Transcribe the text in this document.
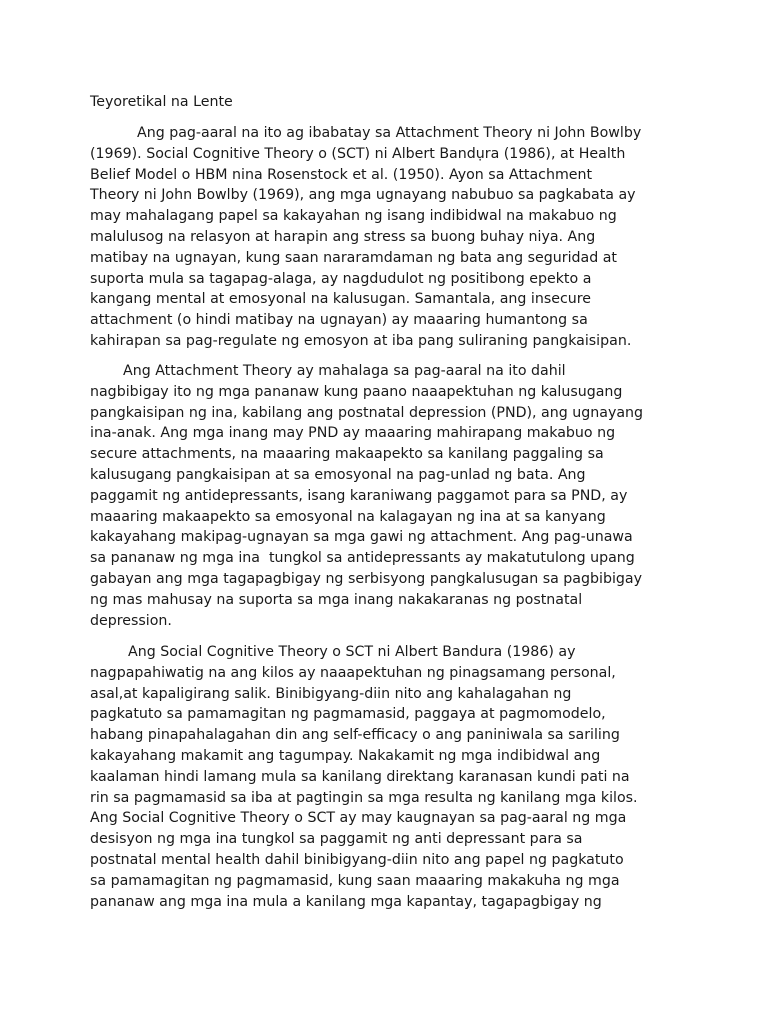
Teyoretikal na Lente

Ang pag-aaral na ito ag ibabatay sa Attachment Theory ni John Bowlby
(1969). Social Cognitive Theory o (SCT) ni Albert Bandụra (1986), at Health
Belief Model o HBM nina Rosenstock et al. (1950). Ayon sa Attachment
Theory ni John Bowlby (1969), ang mga ugnayang nabubuo sa pagkabata ay
may mahalagang papel sa kakayahan ng isang indibidwal na makabuo ng
malulusog na relasyon at harapin ang stress sa buong buhay niya. Ang
matibay na ugnayan, kung saan nararamdaman ng bata ang seguridad at
suporta mula sa tagapag-alaga, ay nagdudulot ng positibong epekto a
kangang mental at emosyonal na kalusugan. Samantala, ang insecure
attachment (o hindi matibay na ugnayan) ay maaaring humantong sa
kahirapan sa pag-regulate ng emosyon at iba pang suliraning pangkaisipan.

Ang Attachment Theory ay mahalaga sa pag-aaral na ito dahil
nagbibigay ito ng mga pananaw kung paano naaapektuhan ng kalusugang
pangkaisipan ng ina, kabilang ang postnatal depression (PND), ang ugnayang
ina-anak. Ang mga inang may PND ay maaaring mahirapang makabuo ng
secure attachments, na maaaring makaapekto sa kanilang paggaling sa
kalusugang pangkaisipan at sa emosyonal na pag-unlad ng bata. Ang
paggamit ng antidepressants, isang karaniwang paggamot para sa PND, ay
maaaring makaapekto sa emosyonal na kalagayan ng ina at sa kanyang
kakayahang makipag-ugnayan sa mga gawi ng attachment. Ang pag-unawa
sa pananaw ng mga ina  tungkol sa antidepressants ay makatutulong upang
gabayan ang mga tagapagbigay ng serbisyong pangkalusugan sa pagbibigay
ng mas mahusay na suporta sa mga inang nakakaranas ng postnatal
depression.

Ang Social Cognitive Theory o SCT ni Albert Bandura (1986) ay
nagpapahiwatig na ang kilos ay naaapektuhan ng pinagsamang personal,
asal,at kapaligirang salik. Binibigyang-diin nito ang kahalagahan ng
pagkatuto sa pamamagitan ng pagmamasid, paggaya at pagmomodelo,
habang pinapahalagahan din ang self-efficacy o ang paniniwala sa sariling
kakayahang makamit ang tagumpay. Nakakamit ng mga indibidwal ang
kaalaman hindi lamang mula sa kanilang direktang karanasan kundi pati na
rin sa pagmamasid sa iba at pagtingin sa mga resulta ng kanilang mga kilos.
Ang Social Cognitive Theory o SCT ay may kaugnayan sa pag-aaral ng mga
desisyon ng mga ina tungkol sa paggamit ng anti depressant para sa
postnatal mental health dahil binibigyang-diin nito ang papel ng pagkatuto
sa pamamagitan ng pagmamasid, kung saan maaaring makakuha ng mga
pananaw ang mga ina mula a kanilang mga kapantay, tagapagbigay ng
